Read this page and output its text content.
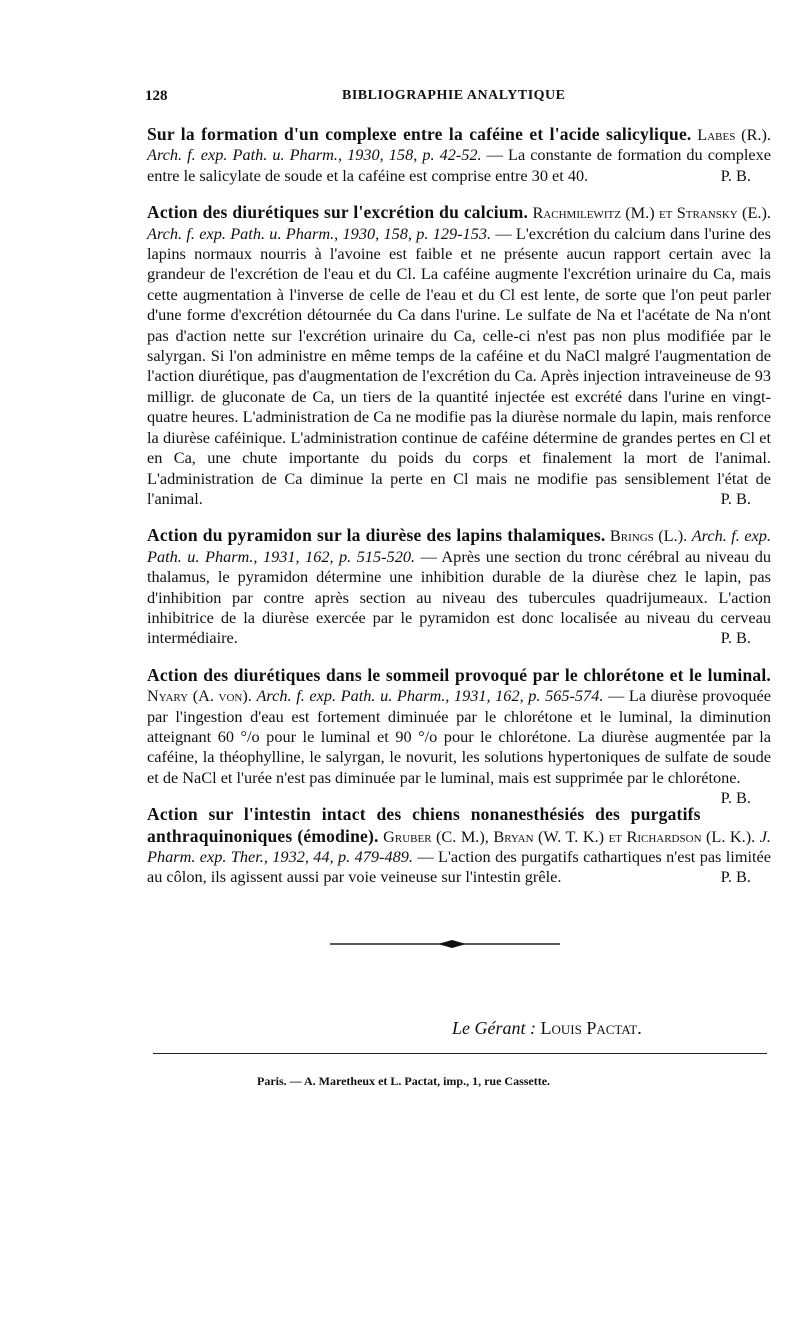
128	BIBLIOGRAPHIE ANALYTIQUE

Sur la formation d'un complexe entre la caféine et l'acide salicylique. Labes (R.). Arch. f. exp. Path. u. Pharm., 1930, 158, p. 42-52. — La constante de formation du complexe entre le salicylate de soude et la caféine est comprise entre 30 et 40.	P. B.

Action des diurétiques sur l'excrétion du calcium. Rachmilewitz (M.) et Stransky (E.). Arch. f. exp. Path. u. Pharm., 1930, 158, p. 129-153. — L'excrétion du calcium dans l'urine des lapins normaux nourris à l'avoine est faible et ne présente aucun rapport certain avec la grandeur de l'excrétion de l'eau et du Cl. La caféine augmente l'excrétion urinaire du Ca, mais cette augmentation à l'inverse de celle de l'eau et du Cl est lente, de sorte que l'on peut parler d'une forme d'excrétion détournée du Ca dans l'urine. Le sulfate de Na et l'acétate de Na n'ont pas d'action nette sur l'excrétion urinaire du Ca, celle-ci n'est pas non plus modifiée par le salyrgan. Si l'on administre en même temps de la caféine et du NaCl malgré l'augmentation de l'action diurétique, pas d'augmentation de l'excrétion du Ca. Après injection intraveineuse de 93 milligr. de gluconate de Ca, un tiers de la quantité injectée est excrété dans l'urine en vingt-quatre heures. L'administration de Ca ne modifie pas la diurèse normale du lapin, mais renforce la diurèse caféinique. L'administration continue de caféine détermine de grandes pertes en Cl et en Ca, une chute importante du poids du corps et finalement la mort de l'animal. L'administration de Ca diminue la perte en Cl mais ne modifie pas sensiblement l'état de l'animal.	P. B.

Action du pyramidon sur la diurèse des lapins thalamiques. Brings (L.). Arch. f. exp. Path. u. Pharm., 1931, 162, p. 515-520. — Après une section du tronc cérébral au niveau du thalamus, le pyramidon détermine une inhibition durable de la diurèse chez le lapin, pas d'inhibition par contre après section au niveau des tubercules quadrijumeaux. L'action inhibitrice de la diurèse exercée par le pyramidon est donc localisée au niveau du cerveau intermédiaire.	P. B.

Action des diurétiques dans le sommeil provoqué par le chlorétone et le luminal. Nyary (A. von). Arch. f. exp. Path. u. Pharm., 1931, 162, p. 565-574. — La diurèse provoquée par l'ingestion d'eau est fortement diminuée par le chlorétone et le luminal, la diminution atteignant 60 °/o pour le luminal et 90 °/o pour le chlorétone. La diurèse augmentée par la caféine, la théophylline, le salyrgan, le novurit, les solutions hypertoniques de sulfate de soude et de NaCl et l'urée n'est pas diminuée par le luminal, mais est supprimée par le chlorétone.
P. B.

Action sur l'intestin intact des chiens nonanesthésiés des purgatifs anthraquinoniques (émodine). Gruber (C. M.), Bryan (W. T. K.) et Richardson (L. K.). J. Pharm. exp. Ther., 1932, 44, p. 479-489. — L'action des purgatifs cathartiques n'est pas limitée au côlon, ils agissent aussi par voie veineuse sur l'intestin grêle.	P. B.

Le Gérant : Louis Pactat.
Paris. — A. Maretheux et L. Pactat, imp., 1, rue Cassette.
